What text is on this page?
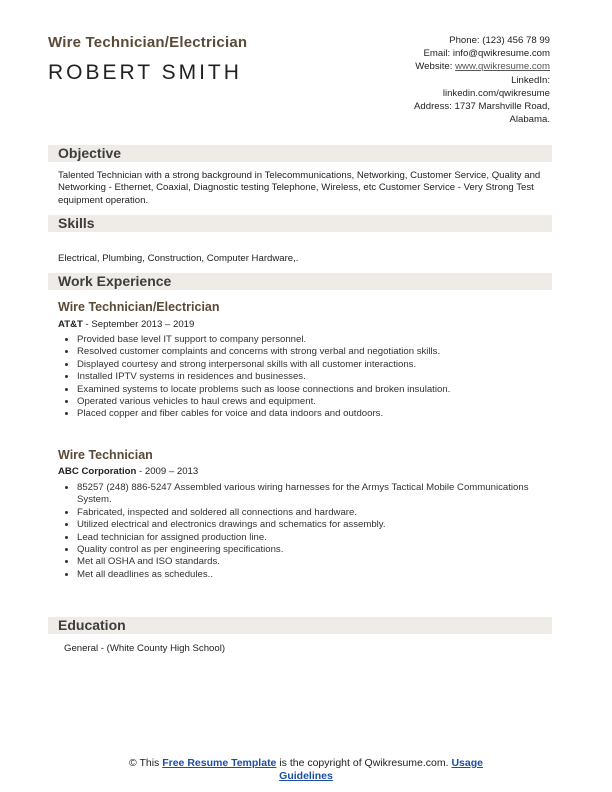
Wire Technician/Electrician
ROBERT SMITH
Phone: (123) 456 78 99
Email: info@qwikresume.com
Website: www.qwikresume.com
LinkedIn:
linkedin.com/qwikresume
Address: 1737 Marshville Road,
Alabama.
Objective
Talented Technician with a strong background in Telecommunications, Networking, Customer Service, Quality and Networking - Ethernet, Coaxial, Diagnostic testing Telephone, Wireless, etc Customer Service - Very Strong Test equipment operation.
Skills
Electrical, Plumbing, Construction, Computer Hardware,.
Work Experience
Wire Technician/Electrician
AT&T - September 2013 – 2019
• Provided base level IT support to company personnel.
• Resolved customer complaints and concerns with strong verbal and negotiation skills.
• Displayed courtesy and strong interpersonal skills with all customer interactions.
• Installed IPTV systems in residences and businesses.
• Examined systems to locate problems such as loose connections and broken insulation.
• Operated various vehicles to haul crews and equipment.
• Placed copper and fiber cables for voice and data indoors and outdoors.
Wire Technician
ABC Corporation - 2009 – 2013
• 85257 (248) 886-5247 Assembled various wiring harnesses for the Armys Tactical Mobile Communications System.
• Fabricated, inspected and soldered all connections and hardware.
• Utilized electrical and electronics drawings and schematics for assembly.
• Lead technician for assigned production line.
• Quality control as per engineering specifications.
• Met all OSHA and ISO standards.
• Met all deadlines as schedules..
Education
General - (White County High School)
© This Free Resume Template is the copyright of Qwikresume.com. Usage
Guidelines
